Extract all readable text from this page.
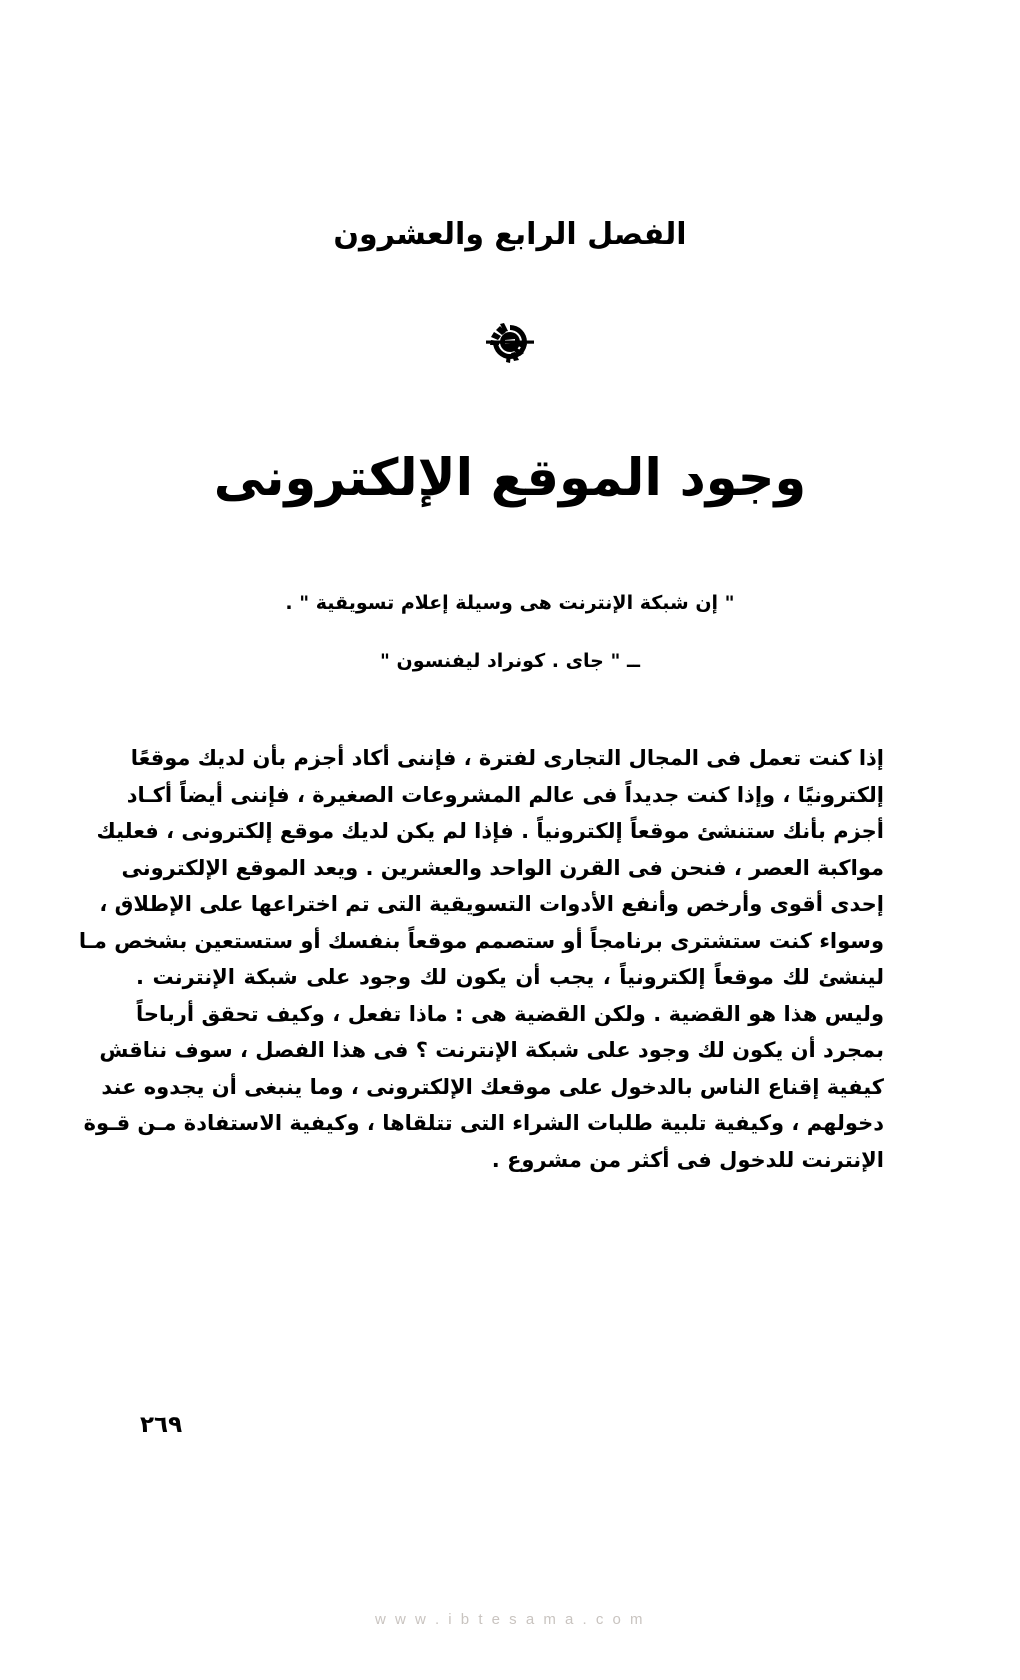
الفصل الرابع والعشرون
وجود الموقع الإلكترونى
" إن شبكة الإنترنت هى وسيلة إعلام تسويقية " .
ــ " جاى . كونراد ليفنسون "
إذا كنت تعمل فى المجال التجارى لفترة ، فإننى أكاد أجزم بأن لديك موقعًا
إلكترونيًا ، وإذا كنت جديداً فى عالم المشروعات الصغيرة ، فإننى أيضاً أكـاد
أجزم بأنك ستنشئ موقعاً إلكترونياً . فإذا لم يكن لديك موقع إلكترونى ، فعليك
مواكبة العصر ، فنحن فى القرن الواحد والعشرين . ويعد الموقع الإلكترونى
إحدى أقوى وأرخص وأنفع الأدوات التسويقية التى تم اختراعها على الإطلاق ،
وسواء كنت ستشترى برنامجاً أو ستصمم موقعاً بنفسك أو ستستعين بشخص مـا
لينشئ لك موقعاً إلكترونياً ، يجب أن يكون لك وجود على شبكة الإنترنت .
وليس هذا هو القضية . ولكن القضية هى : ماذا تفعل ، وكيف تحقق أرباحاً
بمجرد أن يكون لك وجود على شبكة الإنترنت ؟ فى هذا الفصل ، سوف نناقش
كيفية إقناع الناس بالدخول على موقعك الإلكترونى ، وما ينبغى أن يجدوه عند
دخولهم ، وكيفية تلبية طلبات الشراء التى تتلقاها ، وكيفية الاستفادة مـن قـوة
الإنترنت للدخول فى أكثر من مشروع .
٢٦٩
w w w . i b t e s a m a . c o m
